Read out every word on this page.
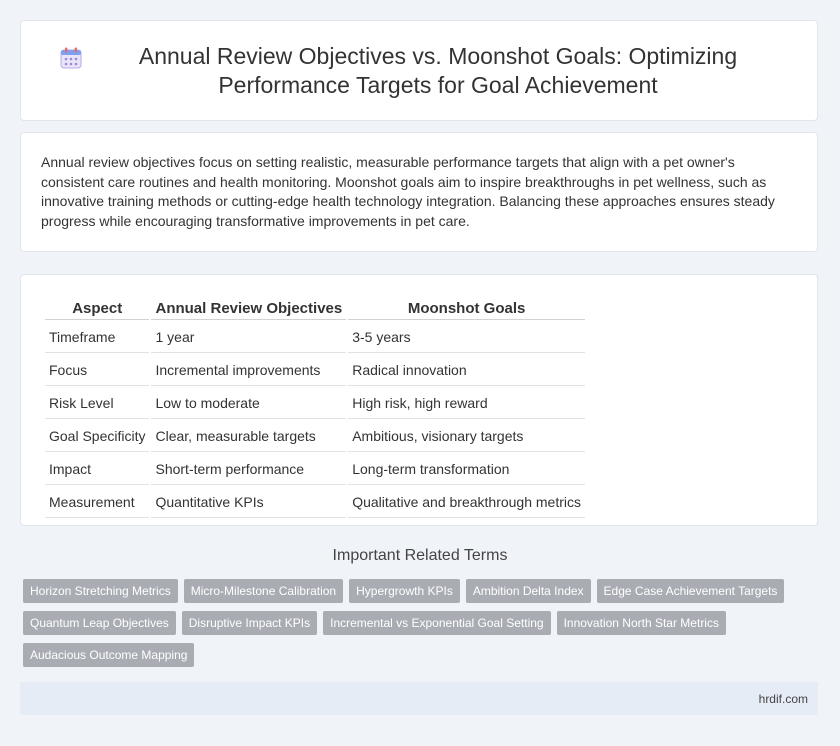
Annual Review Objectives vs. Moonshot Goals: Optimizing Performance Targets for Goal Achievement

Annual review objectives focus on setting realistic, measurable performance targets that align with a pet owner's consistent care routines and health monitoring. Moonshot goals aim to inspire breakthroughs in pet wellness, such as innovative training methods or cutting-edge health technology integration. Balancing these approaches ensures steady progress while encouraging transformative improvements in pet care.

Aspect	Annual Review Objectives	Moonshot Goals
Timeframe	1 year	3-5 years
Focus	Incremental improvements	Radical innovation
Risk Level	Low to moderate	High risk, high reward
Goal Specificity	Clear, measurable targets	Ambitious, visionary targets
Impact	Short-term performance	Long-term transformation
Measurement	Quantitative KPIs	Qualitative and breakthrough metrics
Important Related Terms
Horizon Stretching Metrics	Micro-Milestone Calibration	Hypergrowth KPIs	Ambition Delta Index	Edge Case Achievement Targets
Quantum Leap Objectives	Disruptive Impact KPIs	Incremental vs Exponential Goal Setting	Innovation North Star Metrics
Audacious Outcome Mapping
hrdif.com
